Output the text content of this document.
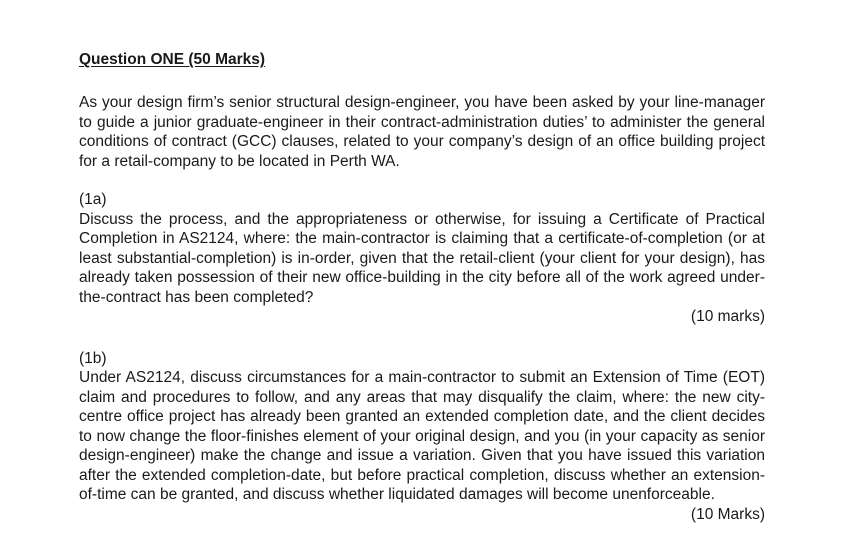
Question ONE (50 Marks)

As your design firm’s senior structural design-engineer, you have been asked by your line-manager to guide a junior graduate-engineer in their contract-administration duties’ to administer the general conditions of contract (GCC) clauses, related to your company’s design of an office building project for a retail-company to be located in Perth WA.

(1a)

Discuss the process, and the appropriateness or otherwise, for issuing a Certificate of Practical Completion in AS2124, where: the main-contractor is claiming that a certificate-of-completion (or at least substantial-completion) is in-order, given that the retail-client (your client for your design), has already taken possession of their new office-building in the city before all of the work agreed under-the-contract has been completed?

(10 marks)

(1b)

Under AS2124, discuss circumstances for a main-contractor to submit an Extension of Time (EOT) claim and procedures to follow, and any areas that may disqualify the claim, where: the new city-centre office project has already been granted an extended completion date, and the client decides to now change the floor-finishes element of your original design, and you (in your capacity as senior design-engineer) make the change and issue a variation. Given that you have issued this variation after the extended completion-date, but before practical completion, discuss whether an extension-of-time can be granted, and discuss whether liquidated damages will become unenforceable.

(10 Marks)
